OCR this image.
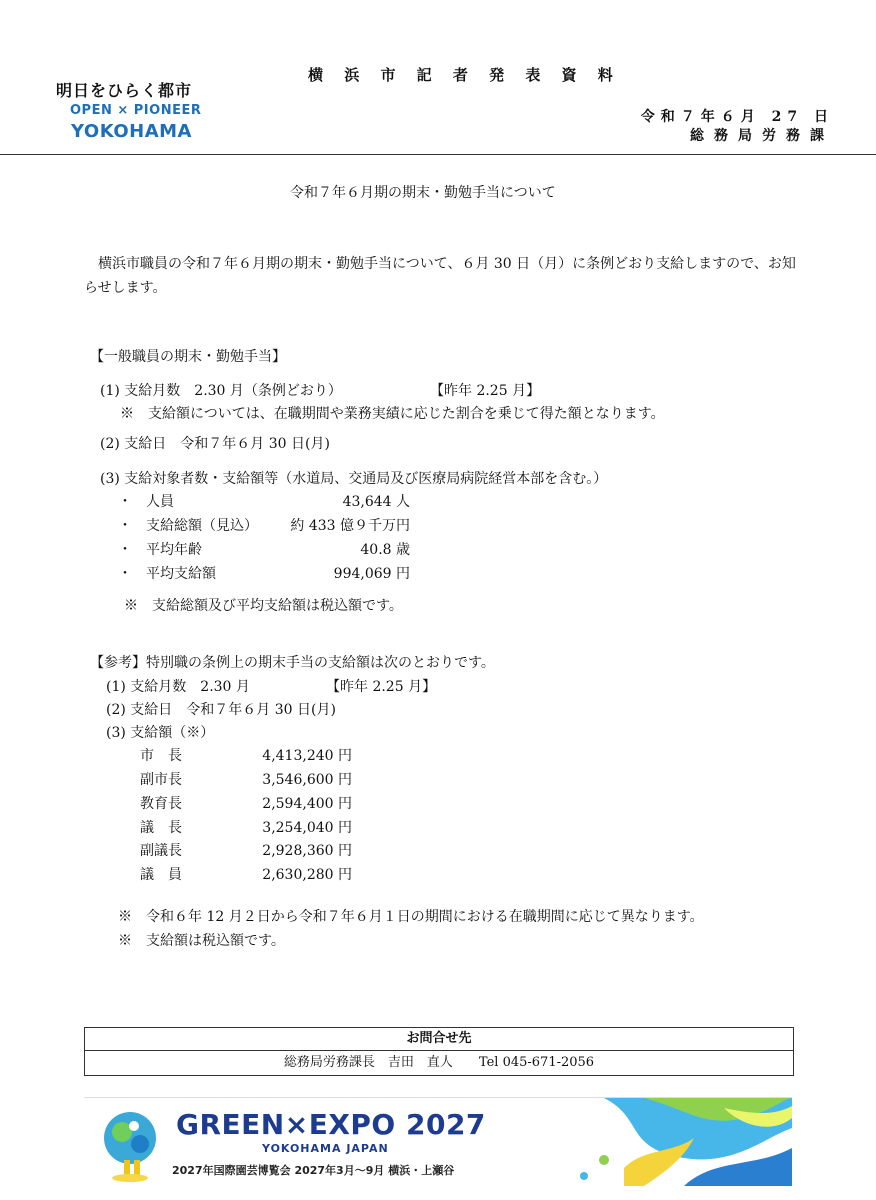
明日をひらく都市
OPEN × PIONEER
YOKOHAMA
横 浜 市 記 者 発 表 資 料
令和７年６月 27 日
総務局労務課
令和７年６月期の期末・勤勉手当について
　横浜市職員の令和７年６月期の期末・勤勉手当について、６月 30 日（月）に条例どおり支給しますので、お知らせします。
【一般職員の期末・勤勉手当】
(1) 支給月数　2.30 月（条例どおり）	【昨年 2.25 月】
※　支給額については、在職期間や業務実績に応じた割合を乗じて得た額となります。
(2) 支給日　令和７年６月 30 日(月)
(3) 支給対象者数・支給額等（水道局、交通局及び医療局病院経営本部を含む。）
・ 人員	43,644 人
・ 支給総額（見込）	約 433 億９千万円
・ 平均年齢	40.8 歳
・ 平均支給額	994,069 円
※　支給総額及び平均支給額は税込額です。
【参考】特別職の条例上の期末手当の支給額は次のとおりです。
(1) 支給月数　2.30 月	【昨年 2.25 月】
(2) 支給日　令和７年６月 30 日(月)
(3) 支給額（※）
市　長	4,413,240 円
副市長	3,546,600 円
教育長	2,594,400 円
議　長	3,254,040 円
副議長	2,928,360 円
議　員	2,630,280 円
※　令和６年 12 月２日から令和７年６月１日の期間における在職期間に応じて異なります。
※　支給額は税込額です。
お問合せ先
総務局労務課長　吉田　直人　　Tel 045-671-2056
GREEN×EXPO 2027
YOKOHAMA JAPAN
2027年国際園芸博覧会 2027年3月～9月 横浜・上瀬谷
